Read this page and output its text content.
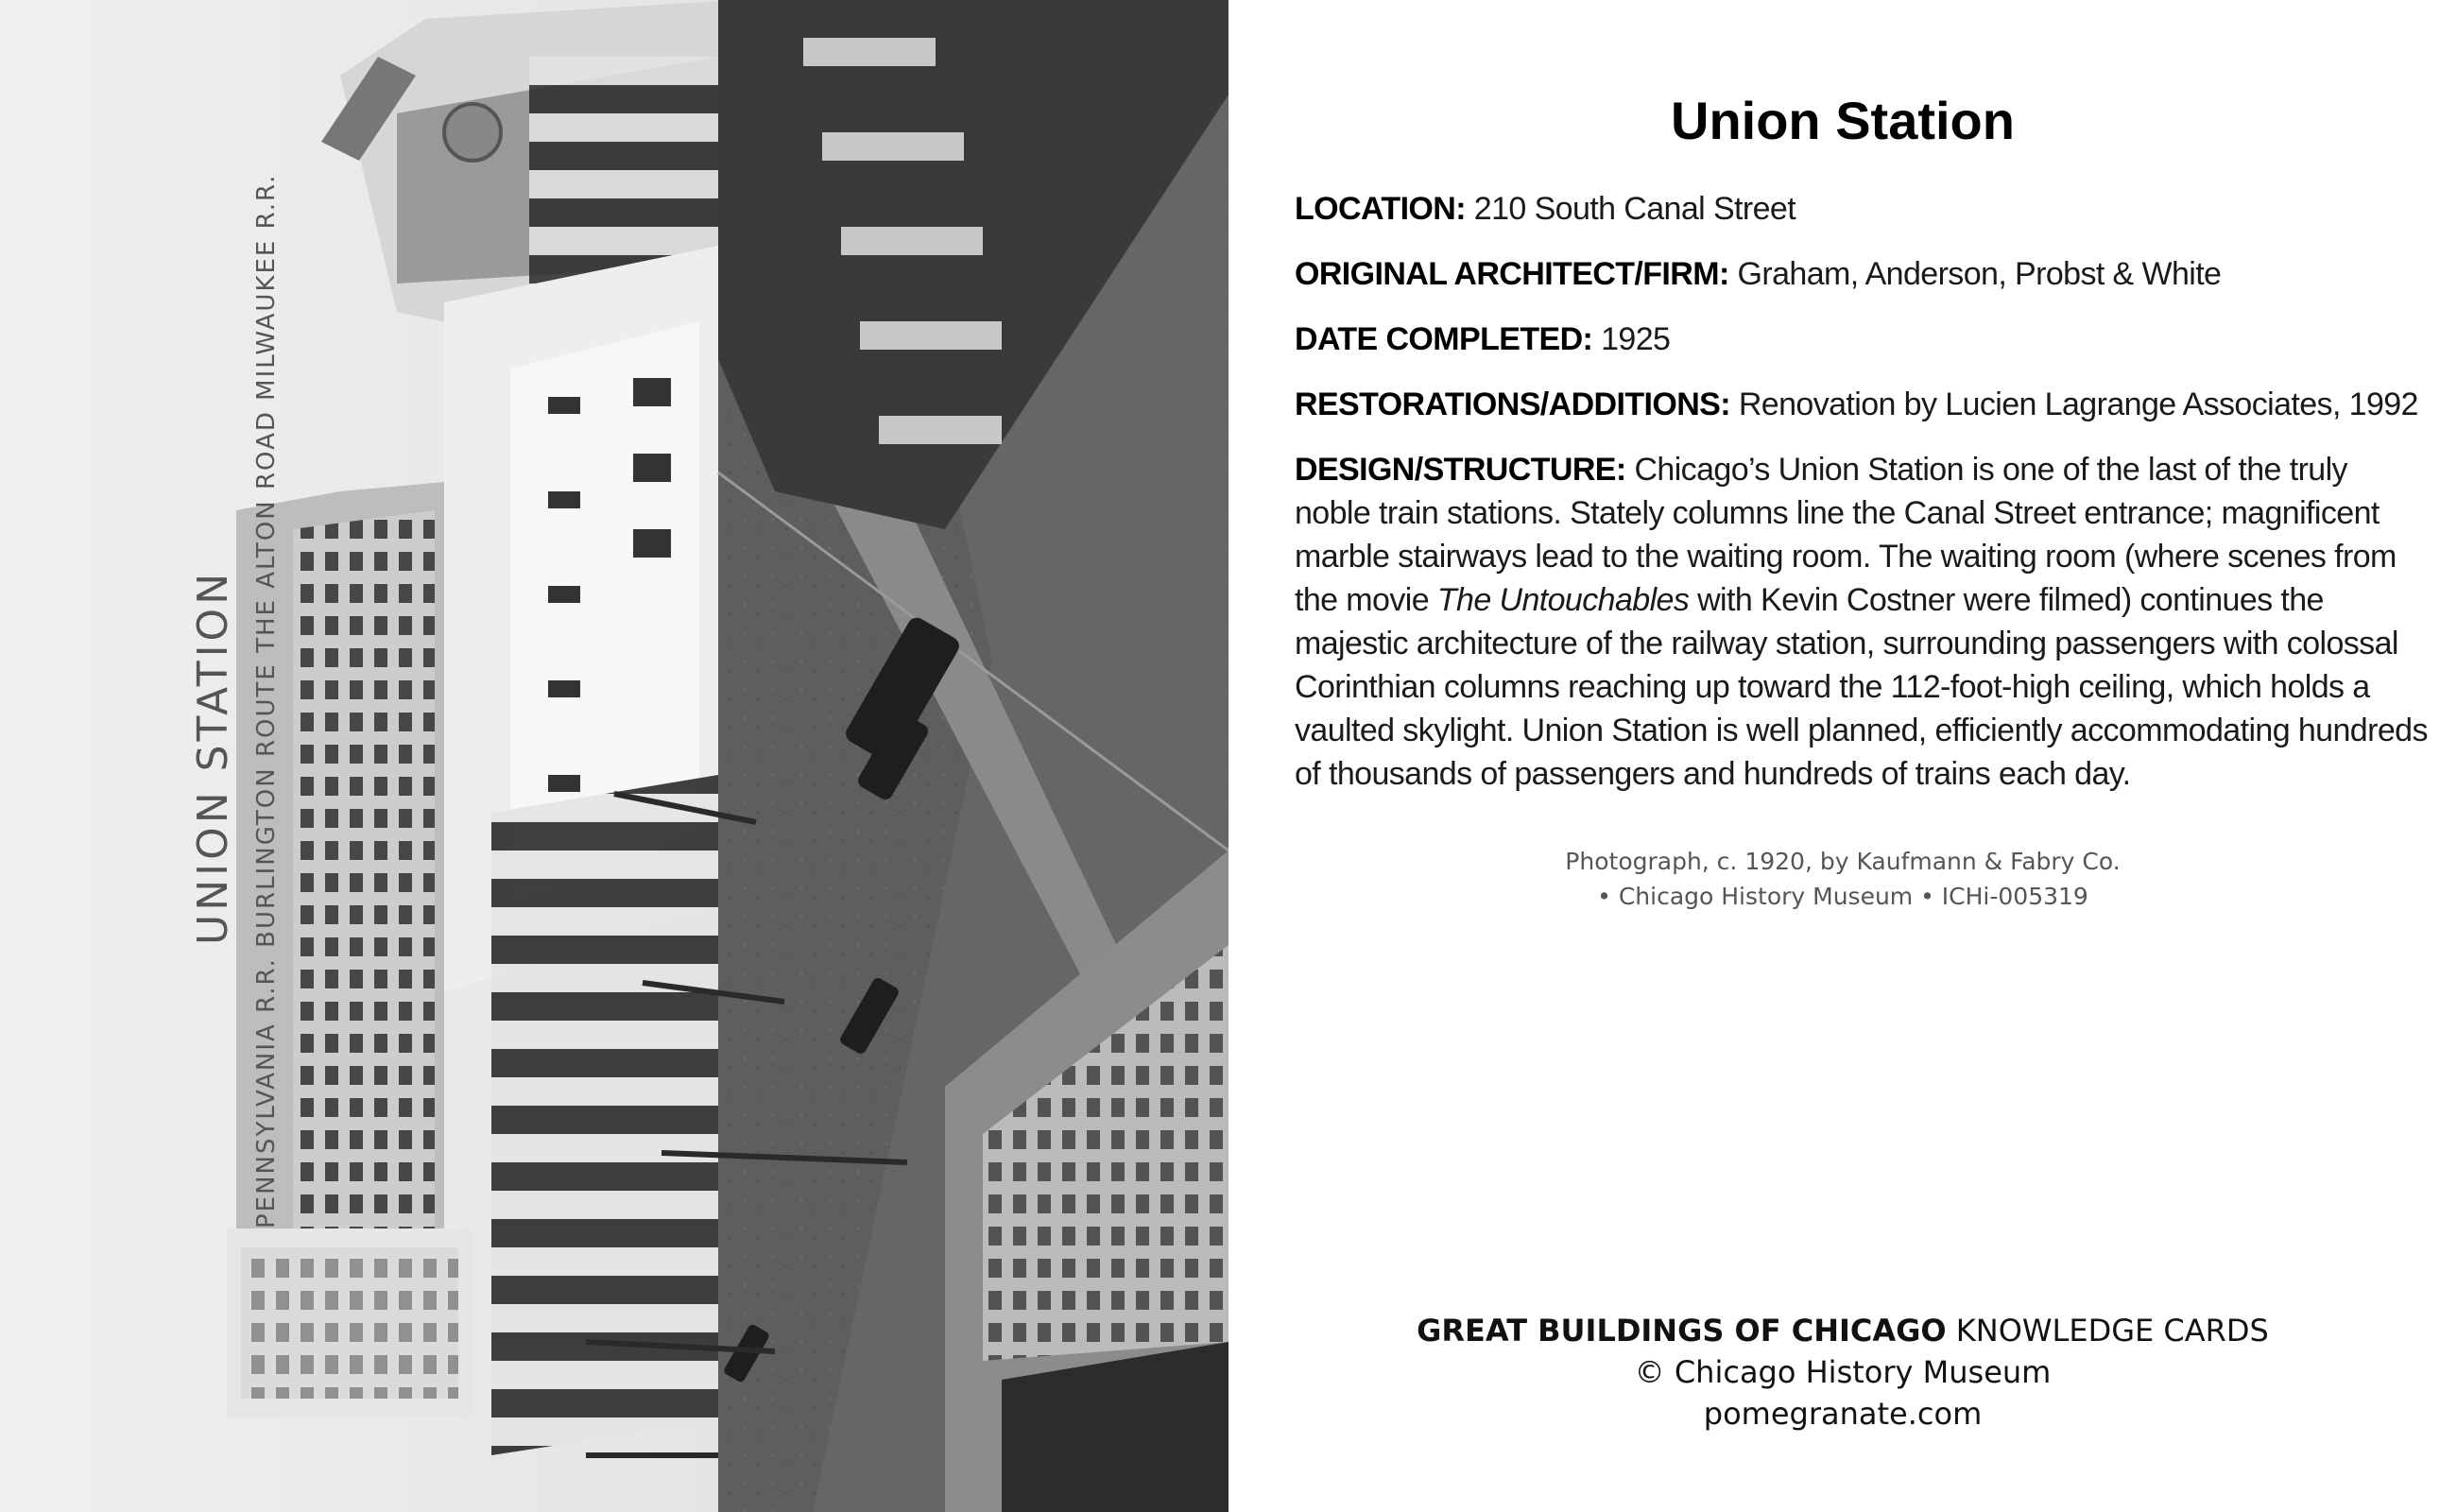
UNION STATION PENNSYLVANIA R.R. BURLINGTON ROUTE THE ALTON ROAD MILWAUKEE R.R.
Union Station

LOCATION: 210 South Canal Street

ORIGINAL ARCHITECT/FIRM: Graham, Anderson, Probst & White

DATE COMPLETED: 1925

RESTORATIONS/ADDITIONS: Renovation by Lucien Lagrange Associates, 1992

DESIGN/STRUCTURE: Chicago’s Union Station is one of the last of the truly noble train stations. Stately columns line the Canal Street entrance; magnificent marble stairways lead to the waiting room. The waiting room (where scenes from the movie The Untouchables with Kevin Costner were filmed) continues the majestic architecture of the railway station, surrounding passengers with colossal Corinthian columns reaching up toward the 112-foot-high ceiling, which holds a vaulted skylight. Union Station is well planned, efficiently accommodating hundreds of thousands of passengers and hundreds of trains each day.

Photograph, c. 1920, by Kaufmann & Fabry Co.
• Chicago History Museum • ICHi-005319
GREAT BUILDINGS OF CHICAGO KNOWLEDGE CARDS
© Chicago History Museum
pomegranate.com
